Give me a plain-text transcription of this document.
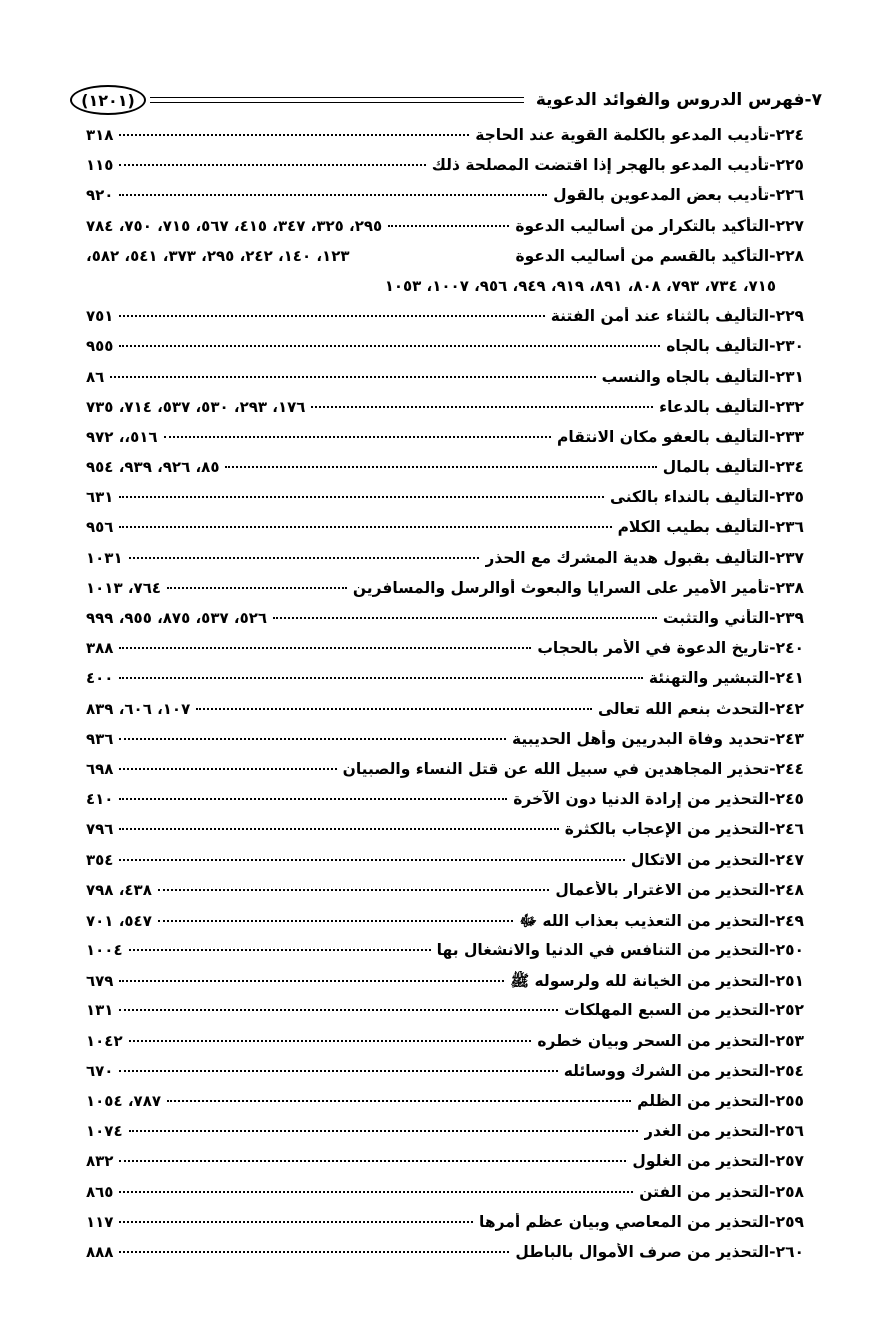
٧-فهرس الدروس والفوائد الدعوية
(١٢٠١)
٢٢٤-
تأديب المدعو بالكلمة القوية عند الحاجة
٣١٨
٢٢٥-
تأديب المدعو بالهجر إذا اقتضت المصلحة ذلك
١١٥
٢٢٦-
تأديب بعض المدعوين بالقول
٩٢٠
٢٢٧-
التأكيد بالتكرار من أساليب الدعوة
٢٩٥، ٣٢٥، ٣٤٧، ٤١٥، ٥٦٧، ٧١٥، ٧٥٠، ٧٨٤
٢٢٨-
التأكيد بالقسم من أساليب الدعوة
١٢٣، ١٤٠، ٢٤٢، ٢٩٥، ٣٧٣، ٥٤١، ٥٨٢،
٧١٥، ٧٣٤، ٧٩٣، ٨٠٨، ٨٩١، ٩١٩، ٩٤٩، ٩٥٦، ١٠٠٧، ١٠٥٣
٢٢٩-
التأليف بالثناء عند أمن الفتنة
٧٥١
٢٣٠-
التأليف بالجاه
٩٥٥
٢٣١-
التأليف بالجاه والنسب
٨٦
٢٣٢-
التأليف بالدعاء
١٧٦، ٢٩٣، ٥٣٠، ٥٣٧، ٧١٤، ٧٣٥
٢٣٣-
التأليف بالعفو مكان الانتقام
٥١٦،، ٩٧٢
٢٣٤-
التأليف بالمال
٨٥، ٩٢٦، ٩٣٩، ٩٥٤
٢٣٥-
التأليف بالنداء بالكنى
٦٣١
٢٣٦-
التأليف بطيب الكلام
٩٥٦
٢٣٧-
التأليف بقبول هدية المشرك مع الحذر
١٠٣١
٢٣٨-
تأمير الأمير على السرايا والبعوث أوالرسل والمسافرين
٧٦٤، ١٠١٣
٢٣٩-
التأني والتثبت
٥٢٦، ٥٣٧، ٨٧٥، ٩٥٥، ٩٩٩
٢٤٠-
تاريخ الدعوة في الأمر بالحجاب
٣٨٨
٢٤١-
التبشير والتهنئة
٤٠٠
٢٤٢-
التحدث بنعم الله تعالى
١٠٧، ٦٠٦، ٨٣٩
٢٤٣-
تحديد وفاة البدريين وأهل الحديبية
٩٣٦
٢٤٤-
تحذير المجاهدين في سبيل الله عن قتل النساء والصبيان
٦٩٨
٢٤٥-
التحذير من إرادة الدنيا دون الآخرة
٤١٠
٢٤٦-
التحذير من الإعجاب بالكثرة
٧٩٦
٢٤٧-
التحذير من الاتكال
٣٥٤
٢٤٨-
التحذير من الاغترار بالأعمال
٤٣٨، ٧٩٨
٢٤٩-
التحذير من التعذيب بعذاب الله ﷻ
٥٤٧، ٧٠١
٢٥٠-
التحذير من التنافس في الدنيا والانشغال بها
١٠٠٤
٢٥١-
التحذير من الخيانة لله ولرسوله ﷺ
٦٧٩
٢٥٢-
التحذير من السبع المهلكات
١٣١
٢٥٣-
التحذير من السحر وبيان خطره
١٠٤٢
٢٥٤-
التحذير من الشرك ووسائله
٦٧٠
٢٥٥-
التحذير من الظلم
٧٨٧، ١٠٥٤
٢٥٦-
التحذير من الغدر
١٠٧٤
٢٥٧-
التحذير من الغلول
٨٣٢
٢٥٨-
التحذير من الفتن
٨٦٥
٢٥٩-
التحذير من المعاصي وبيان عظم أمرها
١١٧
٢٦٠-
التحذير من صرف الأموال بالباطل
٨٨٨
